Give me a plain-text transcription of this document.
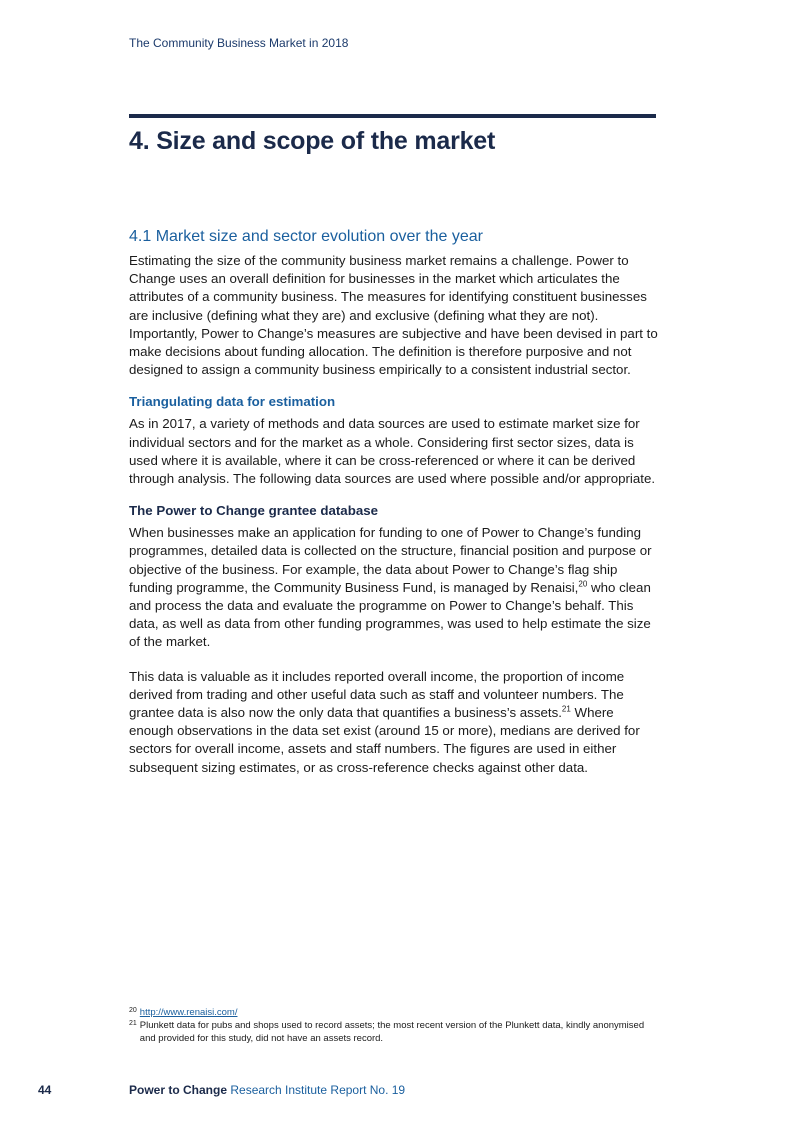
The Community Business Market in 2018
4. Size and scope of the market
4.1 Market size and sector evolution over the year

Estimating the size of the community business market remains a challenge. Power to Change uses an overall definition for businesses in the market which articulates the attributes of a community business. The measures for identifying constituent businesses are inclusive (defining what they are) and exclusive (defining what they are not). Importantly, Power to Change’s measures are subjective and have been devised in part to make decisions about funding allocation. The definition is therefore purposive and not designed to assign a community business empirically to a consistent industrial sector.

Triangulating data for estimation

As in 2017, a variety of methods and data sources are used to estimate market size for individual sectors and for the market as a whole. Considering first sector sizes, data is used where it is available, where it can be cross-referenced or where it can be derived through analysis. The following data sources are used where possible and/or appropriate.

The Power to Change grantee database

When businesses make an application for funding to one of Power to Change’s funding programmes, detailed data is collected on the structure, financial position and purpose or objective of the business. For example, the data about Power to Change’s flag ship funding programme, the Community Business Fund, is managed by Renaisi,$^{20}$ who clean and process the data and evaluate the programme on Power to Change’s behalf. This data, as well as data from other funding programmes, was used to help estimate the size of the market.

This data is valuable as it includes reported overall income, the proportion of income derived from trading and other useful data such as staff and volunteer numbers. The grantee data is also now the only data that quantifies a business’s assets.$^{21}$ Where enough observations in the data set exist (around 15 or more), medians are derived for sectors for overall income, assets and staff numbers. The figures are used in either subsequent sizing estimates, or as cross-reference checks against other data.

20 http://www.renaisi.com/
21 Plunkett data for pubs and shops used to record assets; the most recent version of the Plunkett data, kindly anonymised and provided for this study, did not have an assets record.
44	Power to Change Research Institute Report No. 19
